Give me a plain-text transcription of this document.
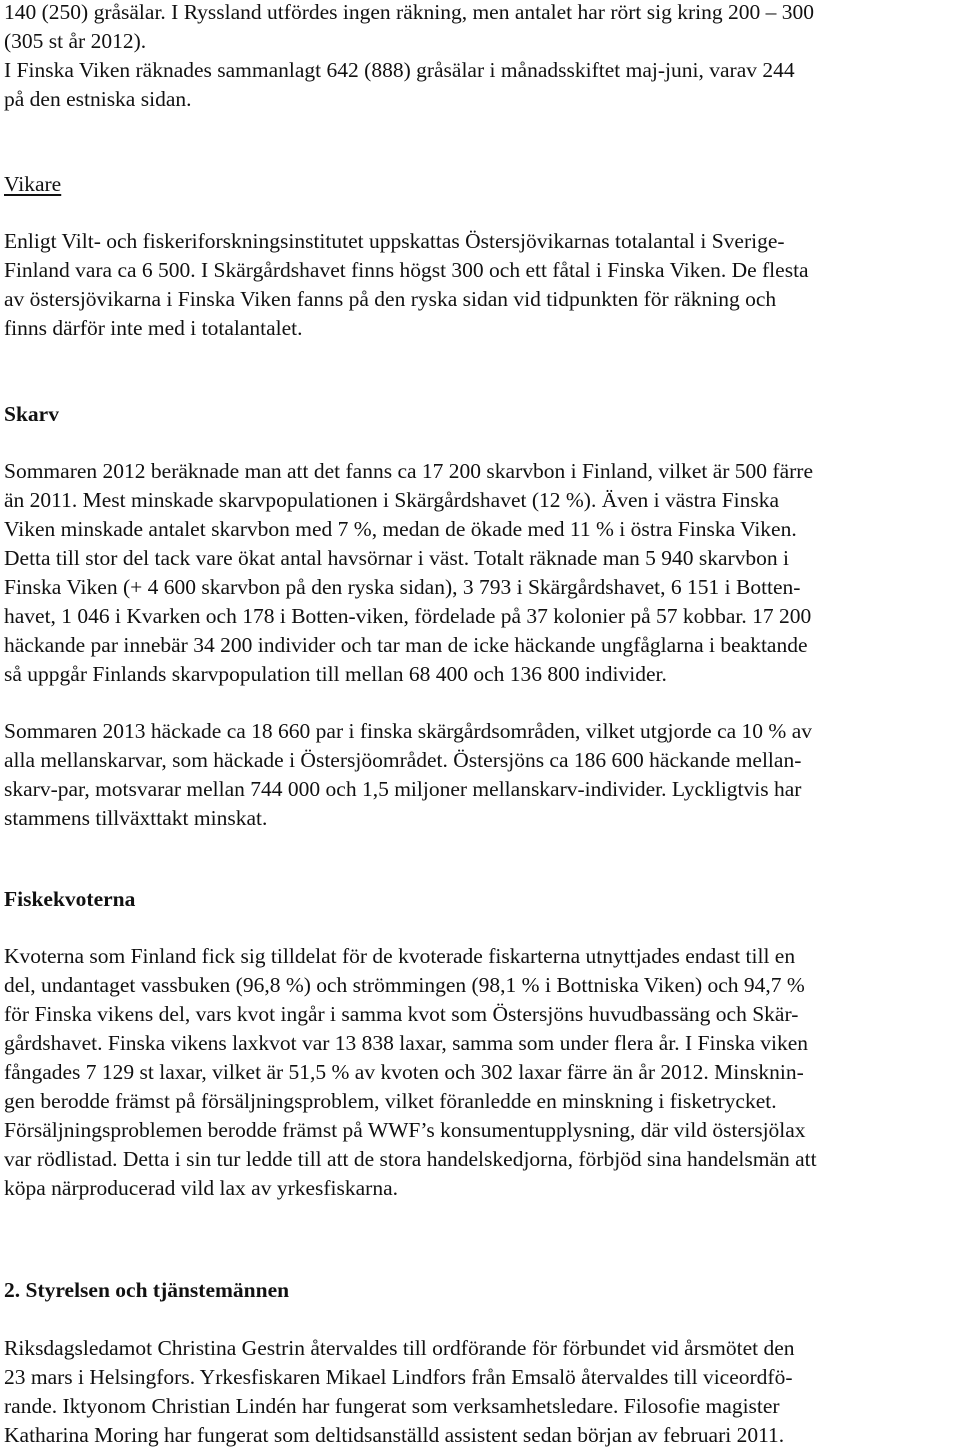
140 (250) gråsälar. I Ryssland utfördes ingen räkning, men antalet har rört sig kring 200 – 300
(305 st år 2012).
I Finska Viken räknades sammanlagt 642 (888) gråsälar i månadsskiftet maj-juni, varav 244
på den estniska sidan.
Vikare
Enligt Vilt- och fiskeriforskningsinstitutet uppskattas Östersjövikarnas totalantal i Sverige-
Finland vara ca 6 500. I Skärgårdshavet finns högst 300 och ett fåtal i Finska Viken. De flesta
av östersjövikarna i Finska Viken fanns på den ryska sidan vid tidpunkten för räkning och
finns därför inte med i totalantalet.
Skarv
Sommaren 2012 beräknade man att det fanns ca 17 200 skarvbon i Finland, vilket är 500 färre
än 2011. Mest minskade skarvpopulationen i Skärgårdshavet (12 %). Även i västra Finska
Viken minskade antalet skarvbon med 7 %, medan de ökade med 11 % i östra Finska Viken.
Detta till stor del tack vare ökat antal havsörnar i väst. Totalt räknade man 5 940 skarvbon i
Finska Viken (+ 4 600 skarvbon på den ryska sidan), 3 793 i Skärgårdshavet, 6 151 i Botten-
havet, 1 046 i Kvarken och 178 i Botten-viken, fördelade på 37 kolonier på 57 kobbar. 17 200
häckande par innebär 34 200 individer och tar man de icke häckande ungfåglarna i beaktande
så uppgår Finlands skarvpopulation till mellan 68 400 och 136 800 individer.
Sommaren 2013 häckade ca 18 660 par i finska skärgårdsområden, vilket utgjorde ca 10 % av
alla mellanskarvar, som häckade i Östersjöområdet. Östersjöns ca 186 600 häckande mellan-
skarv-par, motsvarar mellan 744 000 och 1,5 miljoner mellanskarv-individer. Lyckligtvis har
stammens tillväxttakt minskat.
Fiskekvoterna
Kvoterna som Finland fick sig tilldelat för de kvoterade fiskarterna utnyttjades endast till en
del, undantaget vassbuken (96,8 %) och strömmingen (98,1 % i Bottniska Viken) och 94,7 %
för Finska vikens del, vars kvot ingår i samma kvot som Östersjöns huvudbassäng och Skär-
gårdshavet. Finska vikens laxkvot var 13 838 laxar, samma som under flera år. I Finska viken
fångades 7 129 st laxar, vilket är 51,5 % av kvoten och 302 laxar färre än år 2012. Minsknin-
gen berodde främst på försäljningsproblem, vilket föranledde en minskning i fisketrycket.
Försäljningsproblemen berodde främst på WWF’s konsumentupplysning, där vild östersjölax
var rödlistad. Detta i sin tur ledde till att de stora handelskedjorna, förbjöd sina handelsmän att
köpa närproducerad vild lax av yrkesfiskarna.
2. Styrelsen och tjänstemännen
Riksdagsledamot Christina Gestrin återvaldes till ordförande för förbundet vid årsmötet den
23 mars i Helsingfors. Yrkesfiskaren Mikael Lindfors från Emsalö återvaldes till viceordfö-
rande. Iktyonom Christian Lindén har fungerat som verksamhetsledare. Filosofie magister
Katharina Moring har fungerat som deltidsanställd assistent sedan början av februari 2011.
